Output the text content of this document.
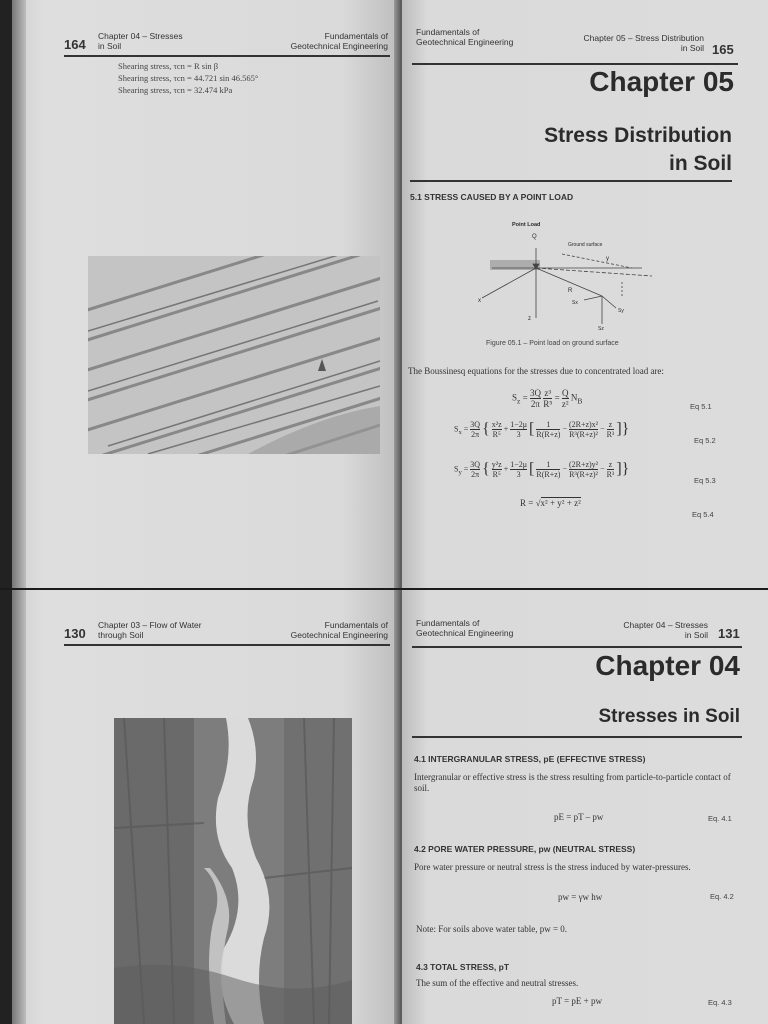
164
Chapter 04 – Stresses
in Soil
Fundamentals of
Geotechnical Engineering
Shearing stress, τcn = R sin β
Shearing stress, τcn = 44.721 sin 46.565°
Shearing stress, τcn = 32.474 kPa
Fundamentals of
Geotechnical Engineering	Chapter 05 – Stress Distribution
in Soil 165
Chapter 05
Stress Distribution
in Soil
5.1 STRESS CAUSED BY A POINT LOAD
Point Load
Q
Ground surface
x
y
z
R
Sx
Sy
Sz
Figure 05.1 – Point load on ground surface
The Boussinesq equations for the stresses due to concentrated load are:
$S_z = 3Q$
2π
z³
R⁵ = Q
z² $N_B$
Eq 5.1
$S_x = 3Q$
2π { x²z
R⁵ + 1−2μ
3 [	1
R(R+z) − (2R+z)x²
R³(R+z)² − z
R³ ]}
Eq 5.2
$S_y = 3Q$
2π { y²z
R⁵ + 1−2μ
3 [	1
R(R+z) − (2R+z)y²
R³(R+z)² − z
R³ ]}
Eq 5.3
R = √x² + y² + z²
Eq 5.4
130
Chapter 03 – Flow of Water
through Soil
Fundamentals of
Geotechnical Engineering
Fundamentals of
Geotechnical Engineering
Chapter 04 – Stresses
in Soil 131
Chapter 04
Stresses in Soil
4.1 INTERGRANULAR STRESS, pE (EFFECTIVE STRESS)
Intergranular or effective stress is the stress resulting from particle-to-particle contact of soil.
pE = pT – pw	Eq. 4.1
4.2 PORE WATER PRESSURE, pw (NEUTRAL STRESS)
Pore water pressure or neutral stress is the stress induced by water-pressures.
pw = γw hw	Eq. 4.2
Note: For soils above water table, pw = 0.
4.3 TOTAL STRESS, pT
The sum of the effective and neutral stresses.
pT = pE + pw	Eq. 4.3
